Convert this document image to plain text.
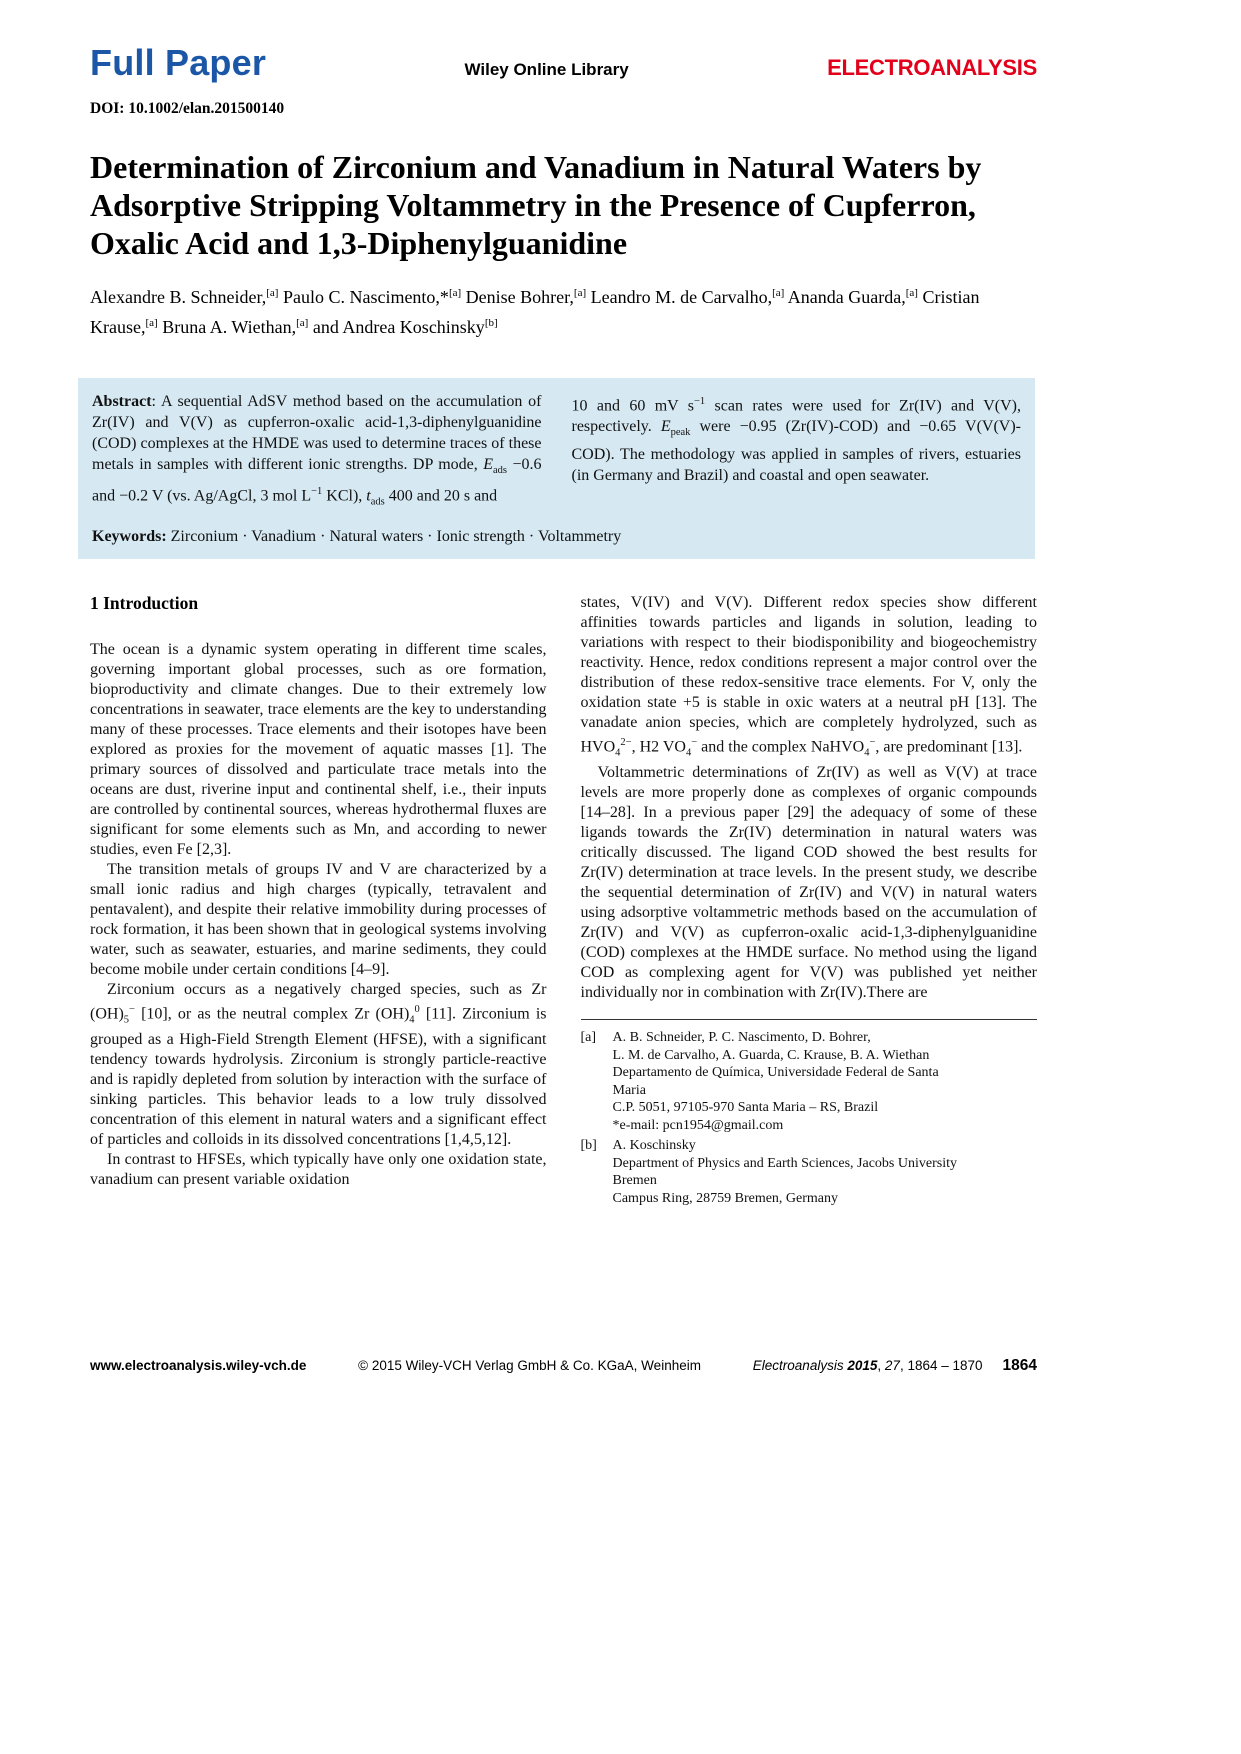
Full Paper	Wiley Online Library	ELECTROANALYSIS
DOI: 10.1002/elan.201500140
Determination of Zirconium and Vanadium in Natural Waters by Adsorptive Stripping Voltammetry in the Presence of Cupferron, Oxalic Acid and 1,3-Diphenylguanidine

Alexandre B. Schneider,[a] Paulo C. Nascimento,*[a] Denise Bohrer,[a] Leandro M. de Carvalho,[a] Ananda Guarda,[a] Cristian Krause,[a] Bruna A. Wiethan,[a] and Andrea Koschinsky[b]

Abstract: A sequential AdSV method based on the accumulation of Zr(IV) and V(V) as cupferron-oxalic acid-1,3-diphenylguanidine (COD) complexes at the HMDE was used to determine traces of these metals in samples with different ionic strengths. DP mode, $E_{ads} -0.6$ and −0.2 V (vs. Ag/AgCl, 3 mol $L^{-1}$ KCl), $t_{ads}$ 400 and 20 s and

10 and 60 mV $s^{-1}$ scan rates were used for Zr(IV) and V(V), respectively. $E_{peak}$ were −0.95 (Zr(IV)-COD) and −0.65 V(V(V)-COD). The methodology was applied in samples of rivers, estuaries (in Germany and Brazil) and coastal and open seawater.

Keywords: Zirconium · Vanadium · Natural waters · Ionic strength · Voltammetry

1 Introduction

The ocean is a dynamic system operating in different time scales, governing important global processes, such as ore formation, bioproductivity and climate changes. Due to their extremely low concentrations in seawater, trace elements are the key to understanding many of these processes. Trace elements and their isotopes have been explored as proxies for the movement of aquatic masses [1]. The primary sources of dissolved and particulate trace metals into the oceans are dust, riverine input and continental shelf, i.e., their inputs are controlled by continental sources, whereas hydrothermal fluxes are significant for some elements such as Mn, and according to newer studies, even Fe [2,3].

The transition metals of groups IV and V are characterized by a small ionic radius and high charges (typically, tetravalent and pentavalent), and despite their relative immobility during processes of rock formation, it has been shown that in geological systems involving water, such as seawater, estuaries, and marine sediments, they could become mobile under certain conditions [4–9].

Zirconium occurs as a negatively charged species, such as Zr $(OH)_5^-$ [10], or as the neutral complex Zr $(OH)_4^0$ [11]. Zirconium is grouped as a High-Field Strength Element (HFSE), with a significant tendency towards hydrolysis. Zirconium is strongly particle-reactive and is rapidly depleted from solution by interaction with the surface of sinking particles. This behavior leads to a low truly dissolved concentration of this element in natural waters and a significant effect of particles and colloids in its dissolved concentrations [1,4,5,12].

In contrast to HFSEs, which typically have only one oxidation state, vanadium can present variable oxidation

states, V(IV) and V(V). Different redox species show different affinities towards particles and ligands in solution, leading to variations with respect to their biodisponibility and biogeochemistry reactivity. Hence, redox conditions represent a major control over the distribution of these redox-sensitive trace elements. For V, only the oxidation state +5 is stable in oxic waters at a neutral pH [13]. The vanadate anion species, which are completely hydrolyzed, such as $HVO_4^{2-}$, H2 $VO_4^-$ and the complex NaHVO$_4$−, are predominant [13].

Voltammetric determinations of Zr(IV) as well as V(V) at trace levels are more properly done as complexes of organic compounds [14–28]. In a previous paper [29] the adequacy of some of these ligands towards the Zr(IV) determination in natural waters was critically discussed. The ligand COD showed the best results for Zr(IV) determination at trace levels. In the present study, we describe the sequential determination of Zr(IV) and V(V) in natural waters using adsorptive voltammetric methods based on the accumulation of Zr(IV) and V(V) as cupferron-oxalic acid-1,3-diphenylguanidine (COD) complexes at the HMDE surface. No method using the ligand COD as complexing agent for V(V) was published yet neither individually nor in combination with Zr(IV).There are

[a]	A. B. Schneider, P. C. Nascimento, D. Bohrer,
L. M. de Carvalho, A. Guarda, C. Krause, B. A. Wiethan
Departamento de Química, Universidade Federal de Santa
Maria
C.P. 5051, 97105-970 Santa Maria – RS, Brazil
*e-mail: pcn1954@gmail.com
[b]	A. Koschinsky
Department of Physics and Earth Sciences, Jacobs University
Bremen
Campus Ring, 28759 Bremen, Germany
www.electroanalysis.wiley-vch.de	© 2015 Wiley-VCH Verlag GmbH & Co. KGaA, Weinheim	Electroanalysis 2015, 27, 1864 – 1870 1864
